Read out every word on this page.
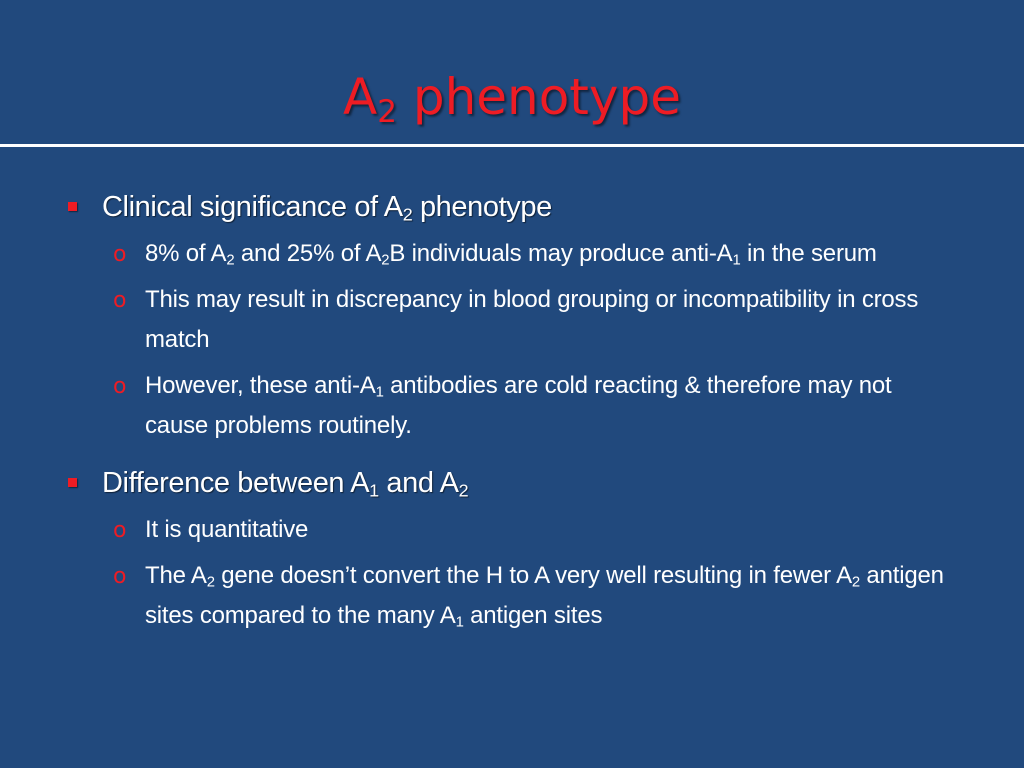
$A_2$ phenotype
Clinical significance of $A_2$ phenotype
o 8% of $A_2$ and 25% of $A_2B$ individuals may produce anti-$A_1$ in the serum
o This may result in discrepancy in blood grouping or incompatibility in cross match
o However, these anti-$A_1$ antibodies are cold reacting & therefore may not cause problems routinely.
Difference between $A_1$ and $A_2$
o It is quantitative
o The $A_2$ gene doesn’t convert the H to A very well resulting in fewer $A_2$ antigen sites compared to the many $A_1$ antigen sites
